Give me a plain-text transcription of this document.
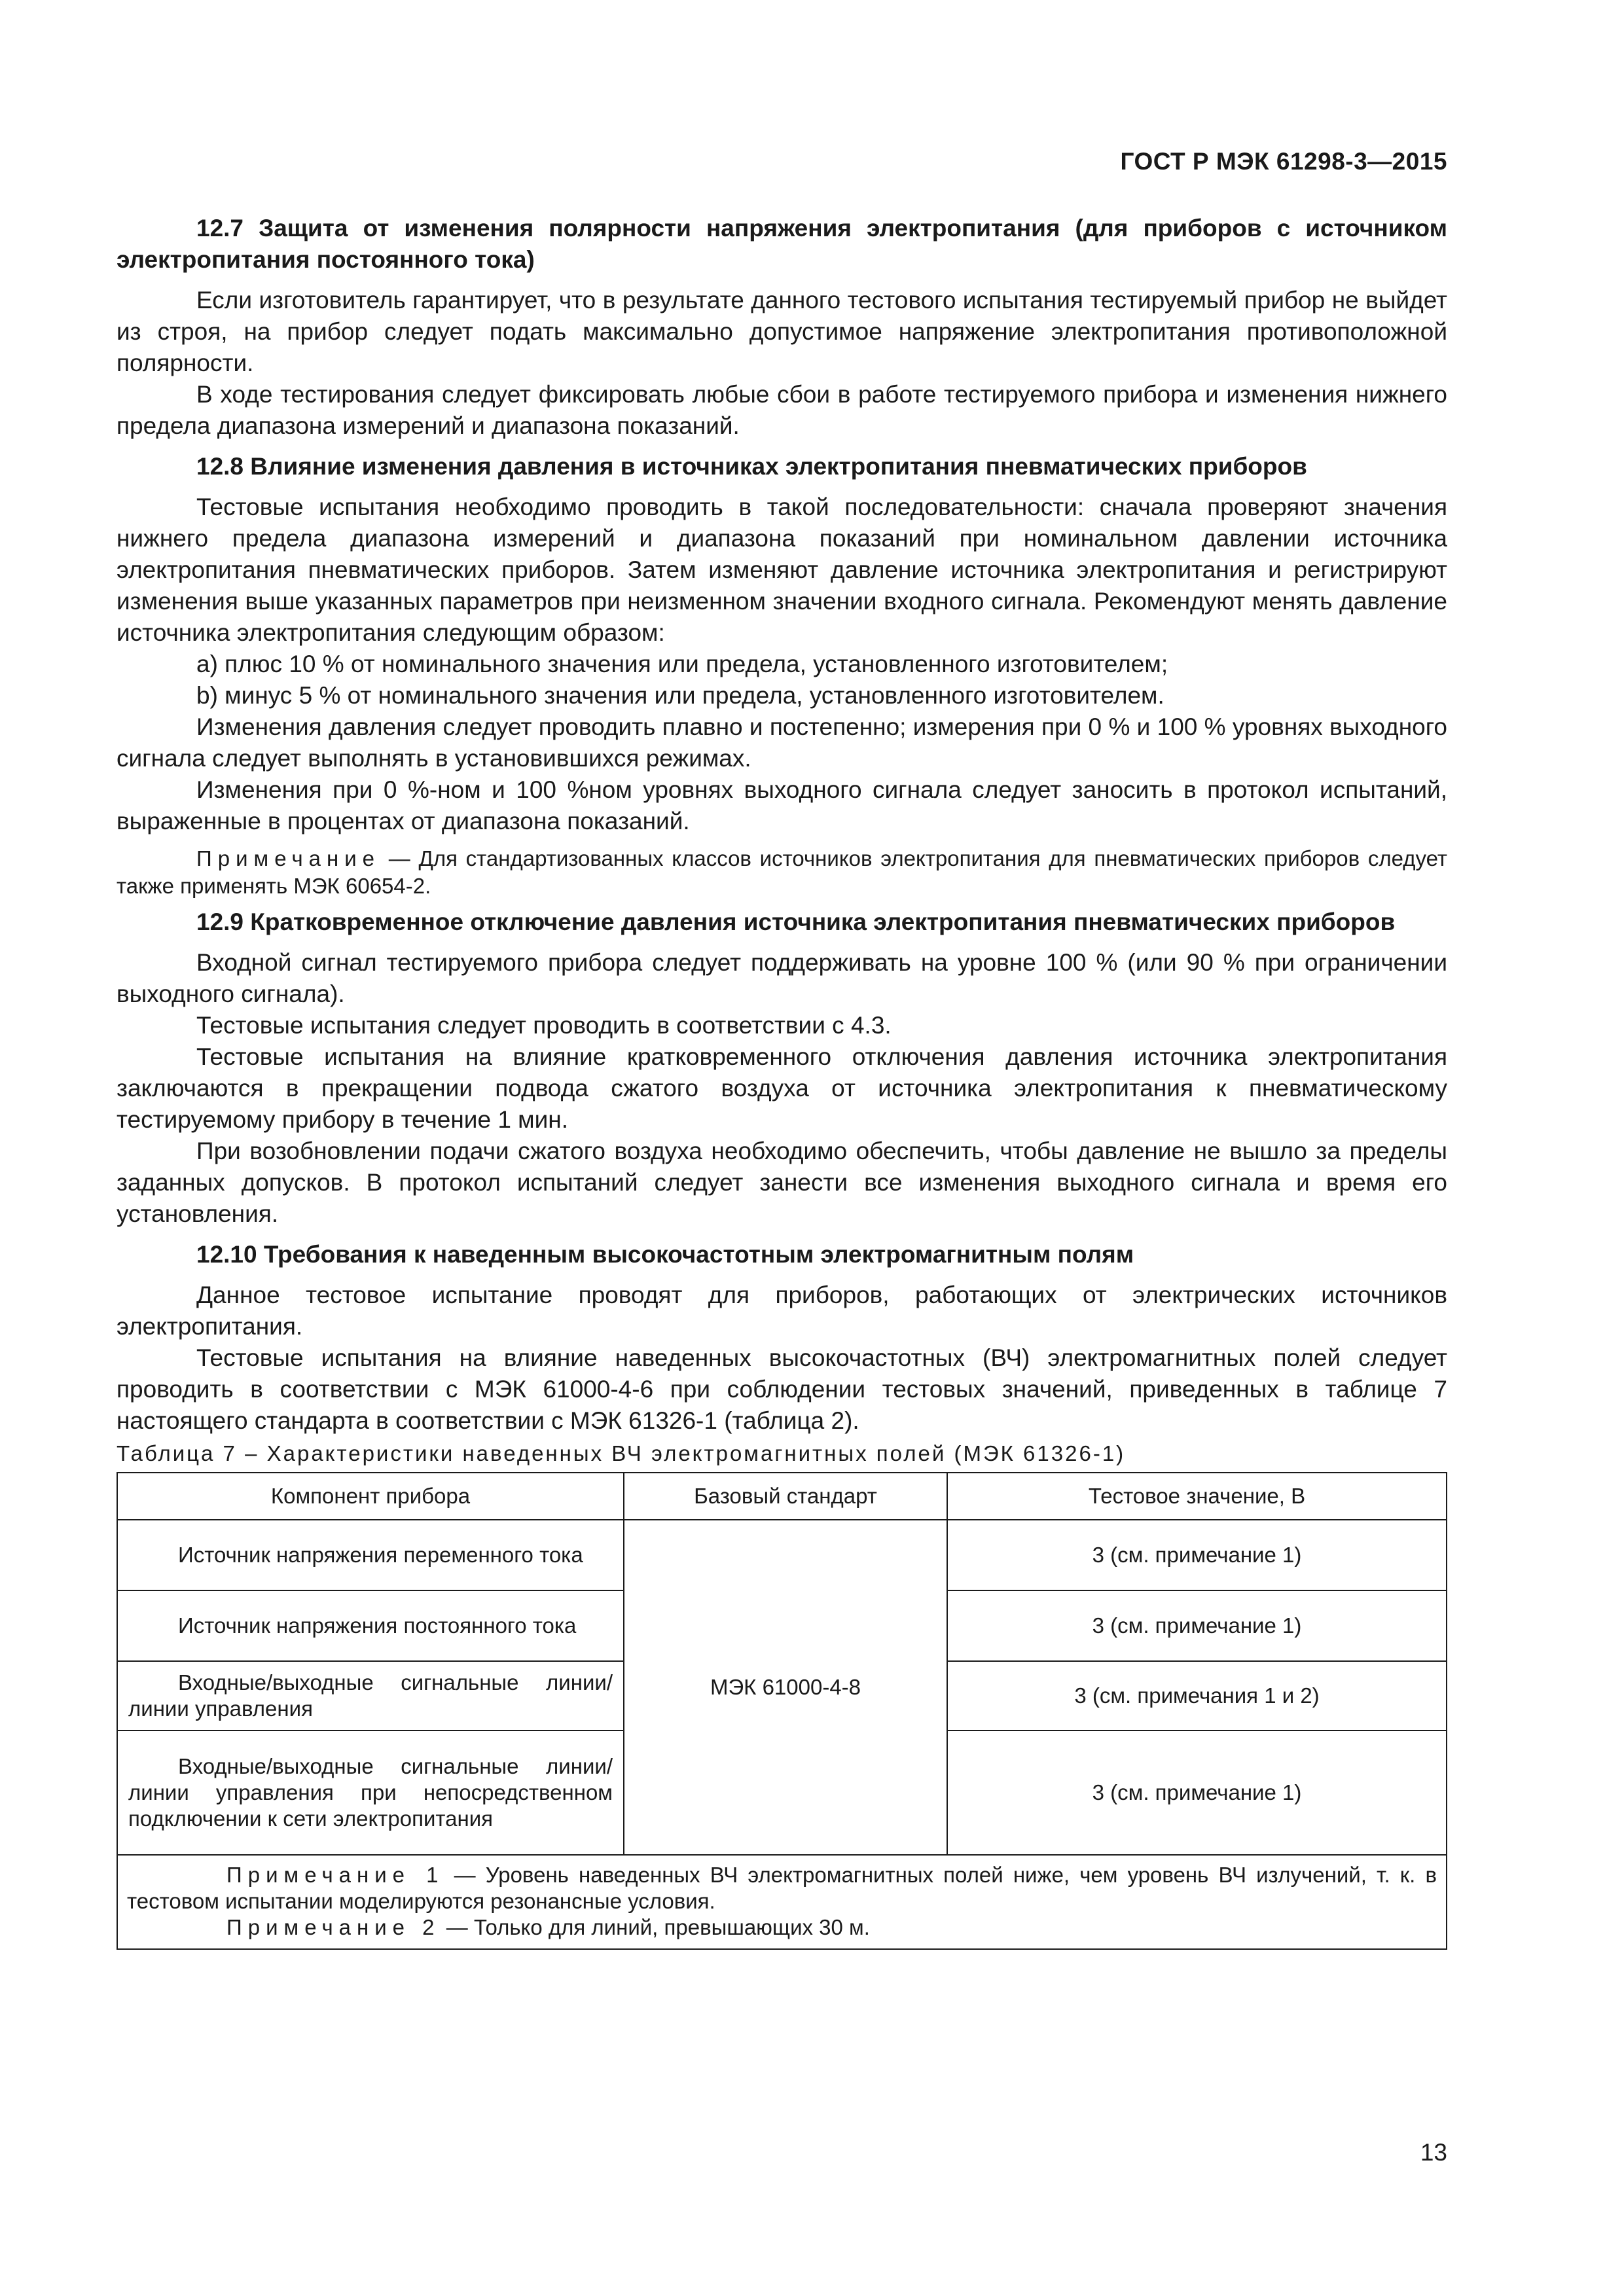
ГОСТ Р МЭК 61298-3—2015

12.7 Защита от изменения полярности напряжения электропитания (для приборов с источником электропитания постоянного тока)

Если изготовитель гарантирует, что в результате данного тестового испытания тестируемый прибор не выйдет из строя, на прибор следует подать максимально допустимое напряжение электропитания противоположной полярности.

В ходе тестирования следует фиксировать любые сбои в работе тестируемого прибора и изменения нижнего предела диапазона измерений и диапазона показаний.

12.8 Влияние изменения давления в источниках электропитания пневматических приборов

Тестовые испытания необходимо проводить в такой последовательности: сначала проверяют значения нижнего предела диапазона измерений и диапазона показаний при номинальном давлении источника электропитания пневматических приборов. Затем изменяют давление источника электропитания и регистрируют изменения выше указанных параметров при неизменном значении входного сигнала. Рекомендуют менять давление источника электропитания следующим образом:

a) плюс 10 % от номинального значения или предела, установленного изготовителем;

b) минус 5 % от номинального значения или предела, установленного изготовителем.

Изменения давления следует проводить плавно и постепенно; измерения при 0 % и 100 % уровнях выходного сигнала следует выполнять в установившихся режимах.

Изменения при 0 %-ном и 100 %ном уровнях выходного сигнала следует заносить в протокол испытаний, выраженные в процентах от диапазона показаний.

Примечание — Для стандартизованных классов источников электропитания для пневматических приборов следует также применять МЭК 60654-2.

12.9 Кратковременное отключение давления источника электропитания пневматических приборов

Входной сигнал тестируемого прибора следует поддерживать на уровне 100 % (или 90 % при ограничении выходного сигнала).

Тестовые испытания следует проводить в соответствии с 4.3.

Тестовые испытания на влияние кратковременного отключения давления источника электропитания заключаются в прекращении подвода сжатого воздуха от источника электропитания к пневматическому тестируемому прибору в течение 1 мин.

При возобновлении подачи сжатого воздуха необходимо обеспечить, чтобы давление не вышло за пределы заданных допусков. В протокол испытаний следует занести все изменения выходного сигнала и время его установления.

12.10 Требования к наведенным высокочастотным электромагнитным полям

Данное тестовое испытание проводят для приборов, работающих от электрических источников электропитания.

Тестовые испытания на влияние наведенных высокочастотных (ВЧ) электромагнитных полей следует проводить в соответствии с МЭК 61000-4-6 при соблюдении тестовых значений, приведенных в таблице 7 настоящего стандарта в соответствии с МЭК 61326-1 (таблица 2).

Таблица 7 – Характеристики наведенных ВЧ электромагнитных полей (МЭК 61326-1)

Компонент прибора	Базовый стандарт	Тестовое значение, В
Источник напряжения переменного тока	МЭК 61000-4-8	3 (см. примечание 1)
Источник напряжения постоянного тока		3 (см. примечание 1)
Входные/выходные сигнальные линии/линии управления		3 (см. примечания 1 и 2)
Входные/выходные сигнальные линии/линии управления при непосредственном подключении к сети электропитания		3 (см. примечание 1)

Примечание 1 — Уровень наведенных ВЧ электромагнитных полей ниже, чем уровень ВЧ излучений, т. к. в тестовом испытании моделируются резонансные условия.

Примечание 2 — Только для линий, превышающих 30 м.		

13
